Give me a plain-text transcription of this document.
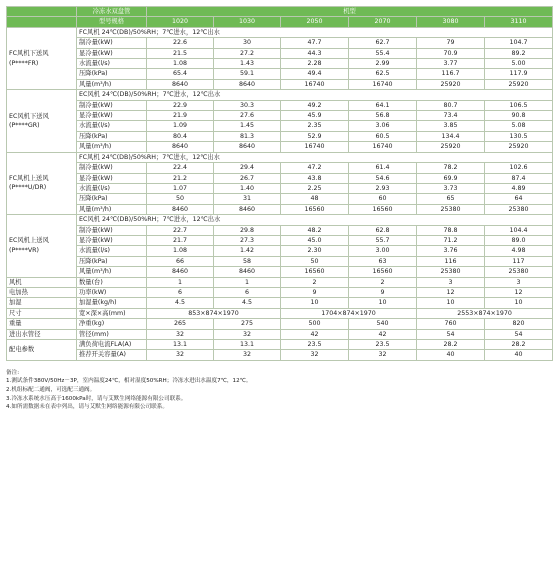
	冷冻水双盘管	机型					
	型号规格	1020	1030	2050	2070	3080	3110
FC风机下送风
(P****FR)	FC风机 24℃(DB)/50%RH；7℃进水，12℃出水						
	制冷量(kW)	22.6	30	47.7	62.7	79	104.7
	显冷量(kW)	21.5	27.2	44.3	55.4	70.9	89.2
	水流量(l/s)	1.08	1.43	2.28	2.99	3.77	5.00
	压降(kPa)	65.4	59.1	49.4	62.5	116.7	117.9
	风量(m³/h)	8640	8640	16740	16740	25920	25920
EC风机下送风
(P****GR)	EC风机 24℃(DB)/50%RH；7℃进水，12℃出水						
	制冷量(kW)	22.9	30.3	49.2	64.1	80.7	106.5
	显冷量(kW)	21.9	27.6	45.9	56.8	73.4	90.8
	水流量(l/s)	1.09	1.45	2.35	3.06	3.85	5.08
	压降(kPa)	80.4	81.3	52.9	60.5	134.4	130.5
	风量(m³/h)	8640	8640	16740	16740	25920	25920
FC风机上送风
(P****U/DR)	FC风机 24℃(DB)/50%RH；7℃进水，12℃出水						
	制冷量(kW)	22.4	29.4	47.2	61.4	78.2	102.6
	显冷量(kW)	21.2	26.7	43.8	54.6	69.9	87.4
	水流量(l/s)	1.07	1.40	2.25	2.93	3.73	4.89
	压降(kPa)	50	31	48	60	65	64
	风量(m³/h)	8460	8460	16560	16560	25380	25380
EC风机上送风
(P****VR)	EC风机 24℃(DB)/50%RH；7℃进水，12℃出水						
	制冷量(kW)	22.7	29.8	48.2	62.8	78.8	104.4
	显冷量(kW)	21.7	27.3	45.0	55.7	71.2	89.0
	水流量(l/s)	1.08	1.42	2.30	3.00	3.76	4.98
	压降(kPa)	66	58	50	63	116	117
	风量(m³/h)	8460	8460	16560	16560	25380	25380
风机	数量(台)	1	1	2	2	3	3
电加热	功率(kW)	6	6	9	9	12	12
加湿	加湿量(kg/h)	4.5	4.5	10	10	10	10
尺寸	宽×深×高(mm)	853×874×1970		1704×874×1970		2553×874×1970	
重量	净重(kg)	265	275	500	540	760	820
进出水管径	管径(mm)	32	32	42	42	54	54
配电参数	满负荷电流FLA(A)	13.1	13.1	23.5	23.5	28.2	28.2
	推荐开关容量(A)	32	32	32	32	40	40
备注:
1.测试条件380V/50Hz－3P，室内温度24℃，相对湿度50%RH；冷冻水进出水温度7℃，12℃。
2.机组标配二通阀，可选配三通阀。
3.冷冻水系统水压高于1600kPa时，请与艾默生网络能源有限公司联系。
4.如所需数据未在表中列出，请与艾默生网络能源有限公司联系。
